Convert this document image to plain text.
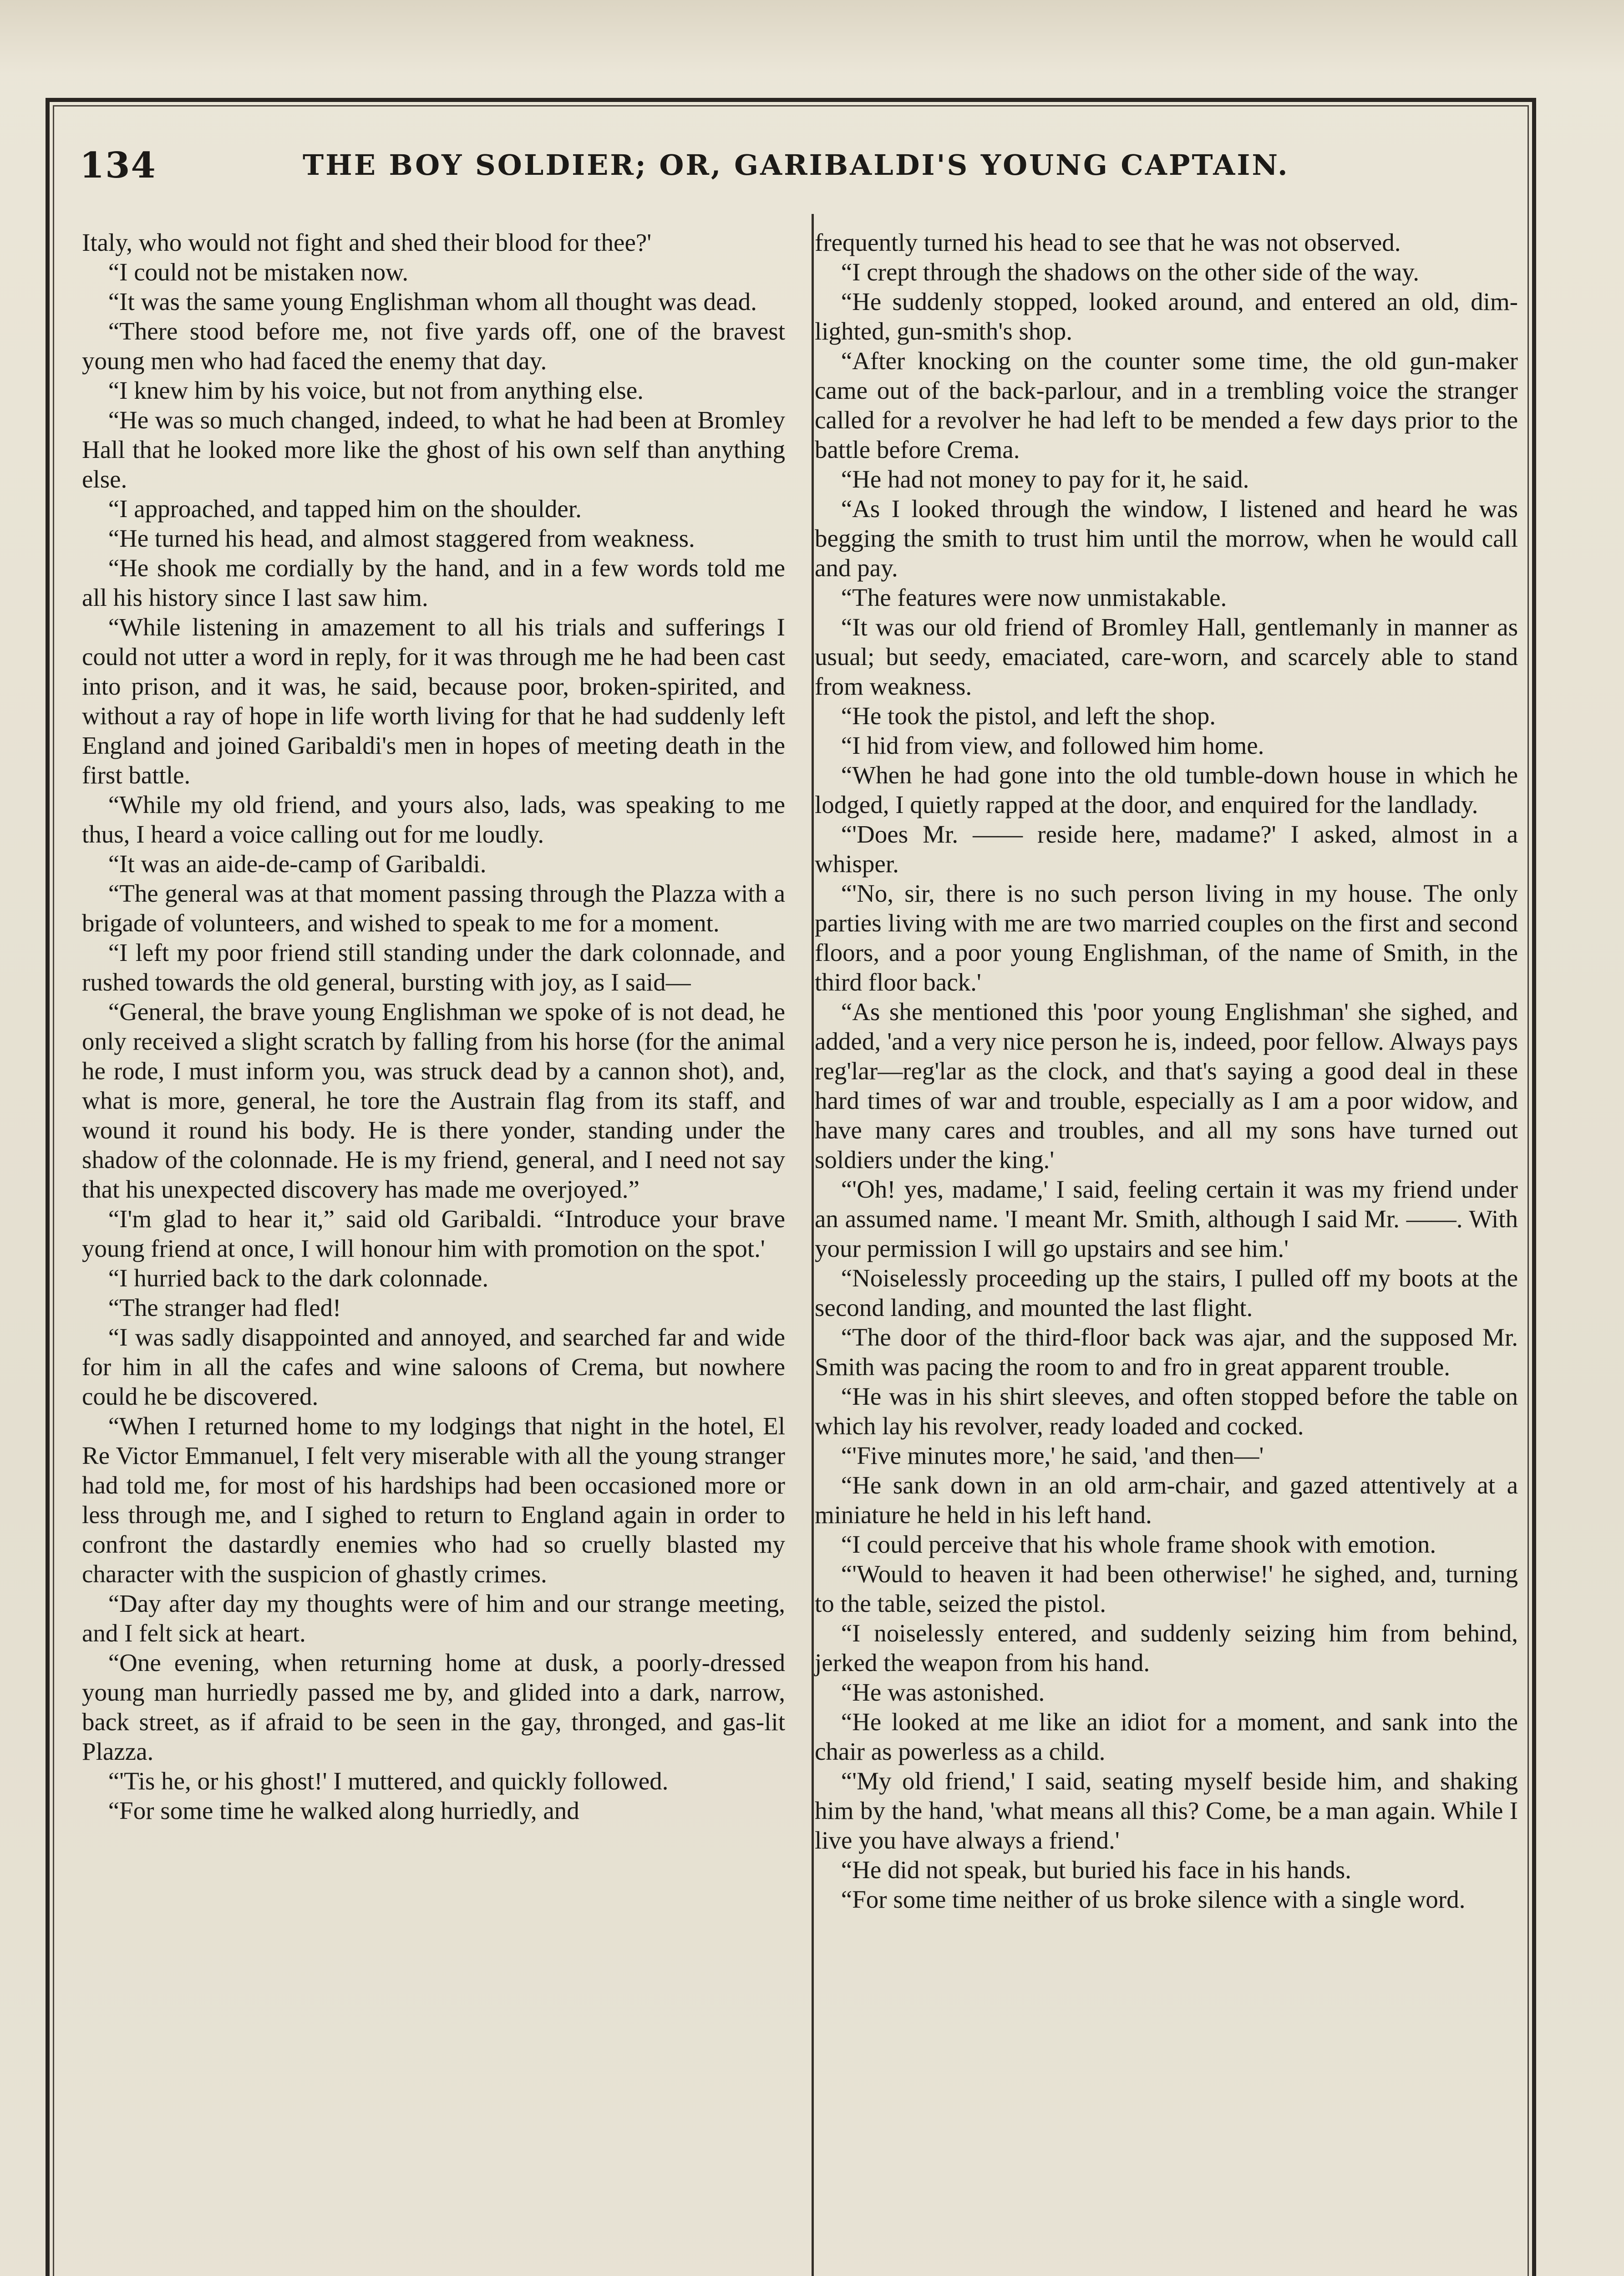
134	THE BOY SOLDIER; OR, GARIBALDI'S YOUNG CAPTAIN.

Italy, who would not fight and shed their blood for thee?'

“I could not be mistaken now.

“It was the same young Englishman whom all thought was dead.

“There stood before me, not five yards off, one of the bravest young men who had faced the enemy that day.

“I knew him by his voice, but not from anything else.

“He was so much changed, indeed, to what he had been at Bromley Hall that he looked more like the ghost of his own self than anything else.

“I approached, and tapped him on the shoulder.

“He turned his head, and almost staggered from weakness.

“He shook me cordially by the hand, and in a few words told me all his history since I last saw him.

“While listening in amazement to all his trials and sufferings I could not utter a word in reply, for it was through me he had been cast into prison, and it was, he said, because poor, broken-spirited, and without a ray of hope in life worth living for that he had suddenly left England and joined Garibaldi's men in hopes of meeting death in the first battle.

“While my old friend, and yours also, lads, was speaking to me thus, I heard a voice calling out for me loudly.

“It was an aide-de-camp of Garibaldi.

“The general was at that moment passing through the Plazza with a brigade of volunteers, and wished to speak to me for a moment.

“I left my poor friend still standing under the dark colonnade, and rushed towards the old general, bursting with joy, as I said—

“General, the brave young Englishman we spoke of is not dead, he only received a slight scratch by falling from his horse (for the animal he rode, I must inform you, was struck dead by a cannon shot), and, what is more, general, he tore the Austrain flag from its staff, and wound it round his body. He is there yonder, standing under the shadow of the colonnade. He is my friend, general, and I need not say that his unexpected discovery has made me overjoyed.”

“I'm glad to hear it,” said old Garibaldi. “Introduce your brave young friend at once, I will honour him with promotion on the spot.'

“I hurried back to the dark colonnade.

“The stranger had fled!

“I was sadly disappointed and annoyed, and searched far and wide for him in all the cafes and wine saloons of Crema, but nowhere could he be discovered.

“When I returned home to my lodgings that night in the hotel, El Re Victor Emmanuel, I felt very miserable with all the young stranger had told me, for most of his hardships had been occasioned more or less through me, and I sighed to return to England again in order to confront the dastardly enemies who had so cruelly blasted my character with the suspicion of ghastly crimes.

“Day after day my thoughts were of him and our strange meeting, and I felt sick at heart.

“One evening, when returning home at dusk, a poorly-dressed young man hurriedly passed me by, and glided into a dark, narrow, back street, as if afraid to be seen in the gay, thronged, and gas-lit Plazza.

“'Tis he, or his ghost!' I muttered, and quickly followed.

“For some time he walked along hurriedly, and

frequently turned his head to see that he was not observed.

“I crept through the shadows on the other side of the way.

“He suddenly stopped, looked around, and entered an old, dim-lighted, gun-smith's shop.

“After knocking on the counter some time, the old gun-maker came out of the back-parlour, and in a trembling voice the stranger called for a revolver he had left to be mended a few days prior to the battle before Crema.

“He had not money to pay for it, he said.

“As I looked through the window, I listened and heard he was begging the smith to trust him until the morrow, when he would call and pay.

“The features were now unmistakable.

“It was our old friend of Bromley Hall, gentlemanly in manner as usual; but seedy, emaciated, care-worn, and scarcely able to stand from weakness.

“He took the pistol, and left the shop.

“I hid from view, and followed him home.

“When he had gone into the old tumble-down house in which he lodged, I quietly rapped at the door, and enquired for the landlady.

“'Does Mr. —— reside here, madame?' I asked, almost in a whisper.

“'No, sir, there is no such person living in my house. The only parties living with me are two married couples on the first and second floors, and a poor young Englishman, of the name of Smith, in the third floor back.'

“As she mentioned this 'poor young Englishman' she sighed, and added, 'and a very nice person he is, indeed, poor fellow. Always pays reg'lar—reg'lar as the clock, and that's saying a good deal in these hard times of war and trouble, especially as I am a poor widow, and have many cares and troubles, and all my sons have turned out soldiers under the king.'

“'Oh! yes, madame,' I said, feeling certain it was my friend under an assumed name. 'I meant Mr. Smith, although I said Mr. ——. With your permission I will go upstairs and see him.'

“Noiselessly proceeding up the stairs, I pulled off my boots at the second landing, and mounted the last flight.

“The door of the third-floor back was ajar, and the supposed Mr. Smith was pacing the room to and fro in great apparent trouble.

“He was in his shirt sleeves, and often stopped before the table on which lay his revolver, ready loaded and cocked.

“'Five minutes more,' he said, 'and then—'

“He sank down in an old arm-chair, and gazed attentively at a miniature he held in his left hand.

“I could perceive that his whole frame shook with emotion.

“'Would to heaven it had been otherwise!' he sighed, and, turning to the table, seized the pistol.

“I noiselessly entered, and suddenly seizing him from behind, jerked the weapon from his hand.

“He was astonished.

“He looked at me like an idiot for a moment, and sank into the chair as powerless as a child.

“'My old friend,' I said, seating myself beside him, and shaking him by the hand, 'what means all this? Come, be a man again. While I live you have always a friend.'

“He did not speak, but buried his face in his hands.

“For some time neither of us broke silence with a single word.
